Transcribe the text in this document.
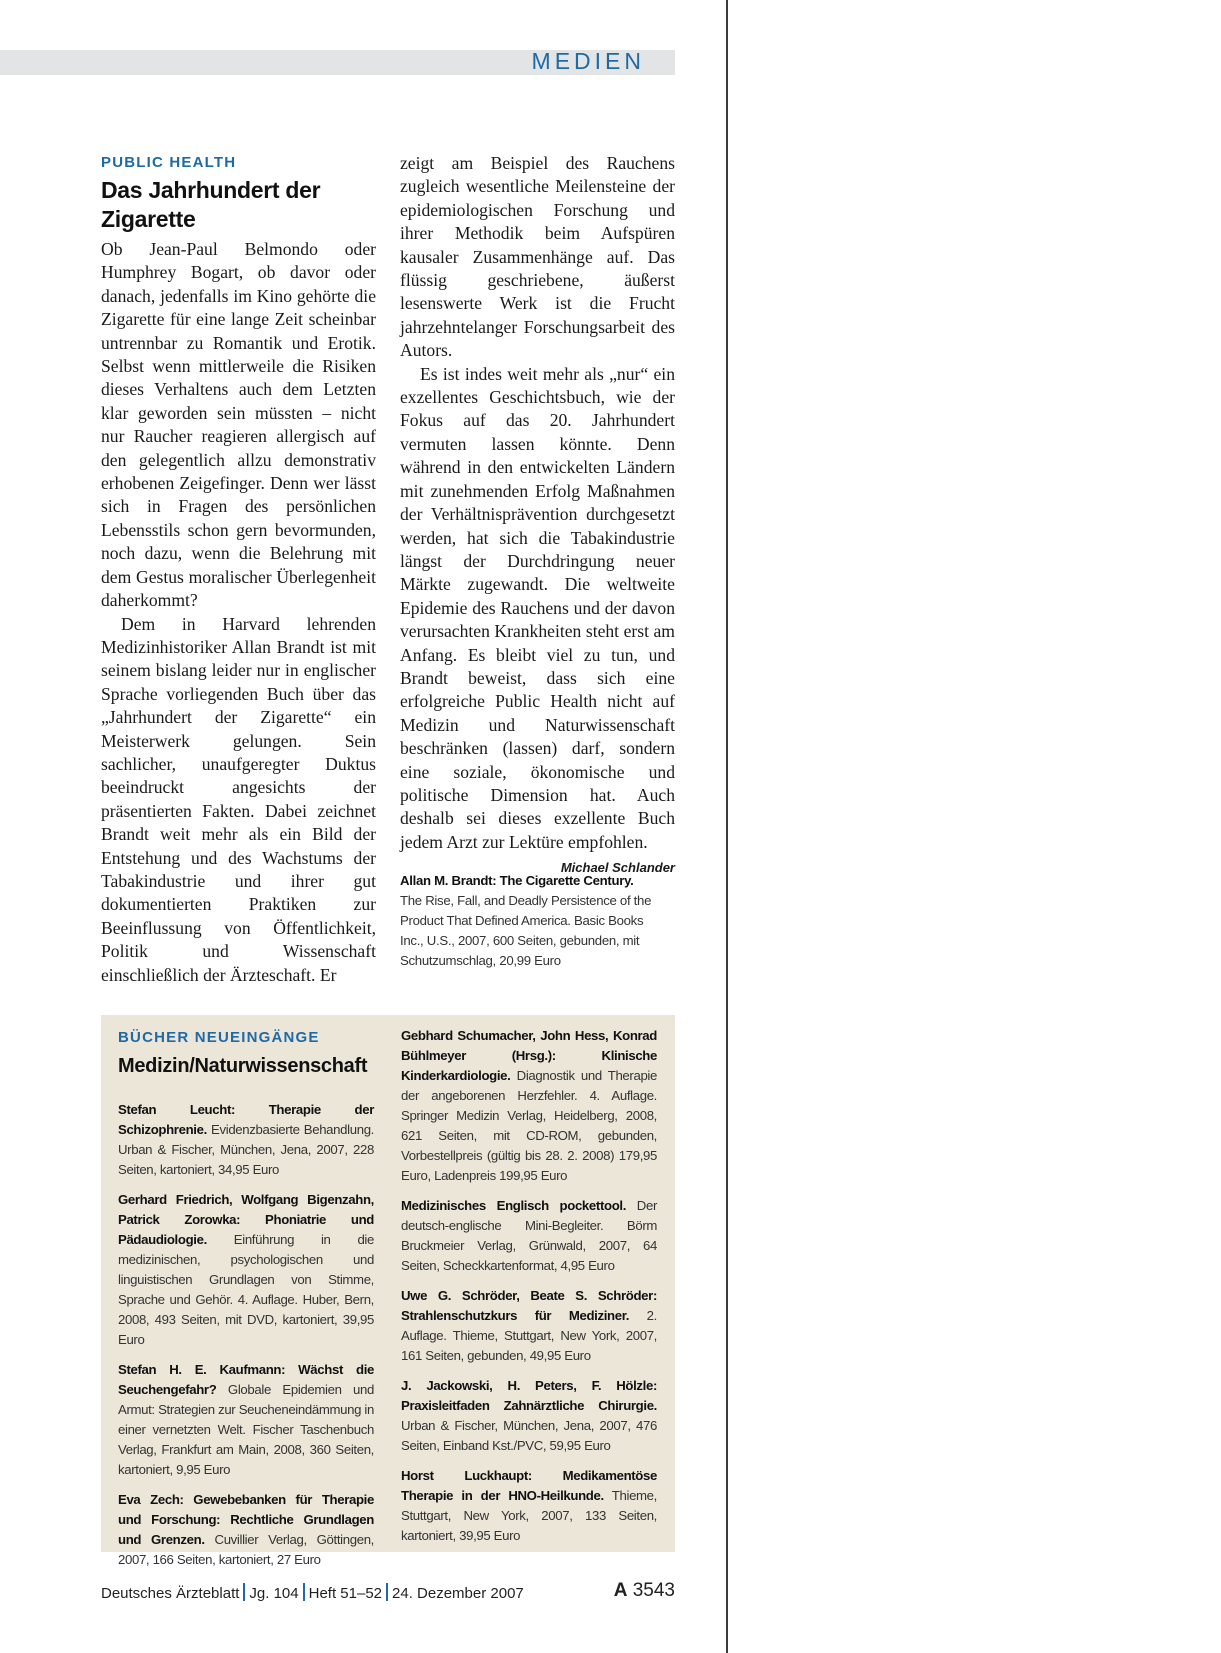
MEDIEN
PUBLIC HEALTH
Das Jahrhundert der Zigarette

Ob Jean-Paul Belmondo oder Humphrey Bogart, ob davor oder danach, jedenfalls im Kino gehörte die Zigarette für eine lange Zeit scheinbar untrennbar zu Romantik und Erotik. Selbst wenn mittlerweile die Risiken dieses Verhaltens auch dem Letzten klar geworden sein müssten – nicht nur Raucher reagieren allergisch auf den gelegentlich allzu demonstrativ erhobenen Zeigefinger. Denn wer lässt sich in Fragen des persönlichen Lebensstils schon gern bevormunden, noch dazu, wenn die Belehrung mit dem Gestus moralischer Überlegenheit daherkommt?

Dem in Harvard lehrenden Medizinhistoriker Allan Brandt ist mit seinem bislang leider nur in englischer Sprache vorliegenden Buch über das „Jahrhundert der Zigarette“ ein Meisterwerk gelungen. Sein sachlicher, unaufgeregter Duktus beeindruckt angesichts der präsentierten Fakten. Dabei zeichnet Brandt weit mehr als ein Bild der Entstehung und des Wachstums der Tabakindustrie und ihrer gut dokumentierten Praktiken zur Beeinflussung von Öffentlichkeit, Politik und Wissenschaft einschließlich der Ärzteschaft. Er

zeigt am Beispiel des Rauchens zugleich wesentliche Meilensteine der epidemiologischen Forschung und ihrer Methodik beim Aufspüren kausaler Zusammenhänge auf. Das flüssig geschriebene, äußerst lesenswerte Werk ist die Frucht jahrzehntelanger Forschungsarbeit des Autors.

Es ist indes weit mehr als „nur“ ein exzellentes Geschichtsbuch, wie der Fokus auf das 20. Jahrhundert vermuten lassen könnte. Denn während in den entwickelten Ländern mit zunehmenden Erfolg Maßnahmen der Verhältnisprävention durchgesetzt werden, hat sich die Tabakindustrie längst der Durchdringung neuer Märkte zugewandt. Die weltweite Epidemie des Rauchens und der davon verursachten Krankheiten steht erst am Anfang. Es bleibt viel zu tun, und Brandt beweist, dass sich eine erfolgreiche Public Health nicht auf Medizin und Naturwissenschaft beschränken (lassen) darf, sondern eine soziale, ökonomische und politische Dimension hat. Auch deshalb sei dieses exzellente Buch jedem Arzt zur Lektüre empfohlen.
Michael Schlander

Allan M. Brandt: The Cigarette Century.
The Rise, Fall, and Deadly Persistence of the Product That Defined America. Basic Books Inc., U.S., 2007, 600 Seiten, gebunden, mit Schutzumschlag, 20,99 Euro
BÜCHER NEUEINGÄNGE
Medizin/Naturwissenschaft
Stefan Leucht: Therapie der Schizophrenie. Evidenzbasierte Behandlung. Urban & Fischer, München, Jena, 2007, 228 Seiten, kartoniert, 34,95 Euro
Gerhard Friedrich, Wolfgang Bigenzahn, Patrick Zorowka: Phoniatrie und Pädaudiologie. Einführung in die medizinischen, psychologischen und linguistischen Grundlagen von Stimme, Sprache und Gehör. 4. Auflage. Huber, Bern, 2008, 493 Seiten, mit DVD, kartoniert, 39,95 Euro
Stefan H. E. Kaufmann: Wächst die Seuchengefahr? Globale Epidemien und Armut: Strategien zur Seucheneindämmung in einer vernetzten Welt. Fischer Taschenbuch Verlag, Frankfurt am Main, 2008, 360 Seiten, kartoniert, 9,95 Euro
Eva Zech: Gewebebanken für Therapie und Forschung: Rechtliche Grundlagen und Grenzen. Cuvillier Verlag, Göttingen, 2007, 166 Seiten, kartoniert, 27 Euro
Gebhard Schumacher, John Hess, Konrad Bühlmeyer (Hrsg.): Klinische Kinderkardiologie. Diagnostik und Therapie der angeborenen Herzfehler. 4. Auflage. Springer Medizin Verlag, Heidelberg, 2008, 621 Seiten, mit CD-ROM, gebunden, Vorbestellpreis (gültig bis 28. 2. 2008) 179,95 Euro, Ladenpreis 199,95 Euro
Medizinisches Englisch pockettool. Der deutsch-englische Mini-Begleiter. Börm Bruckmeier Verlag, Grünwald, 2007, 64 Seiten, Scheckkartenformat, 4,95 Euro
Uwe G. Schröder, Beate S. Schröder: Strahlenschutzkurs für Mediziner. 2. Auflage. Thieme, Stuttgart, New York, 2007, 161 Seiten, gebunden, 49,95 Euro
J. Jackowski, H. Peters, F. Hölzle: Praxisleitfaden Zahnärztliche Chirurgie. Urban & Fischer, München, Jena, 2007, 476 Seiten, Einband Kst./PVC, 59,95 Euro
Horst Luckhaupt: Medikamentöse Therapie in der HNO-Heilkunde. Thieme, Stuttgart, New York, 2007, 133 Seiten, kartoniert, 39,95 Euro
Deutsches Ärzteblatt Jg. 104 Heft 51–52 24. Dezember 2007	A 3543
